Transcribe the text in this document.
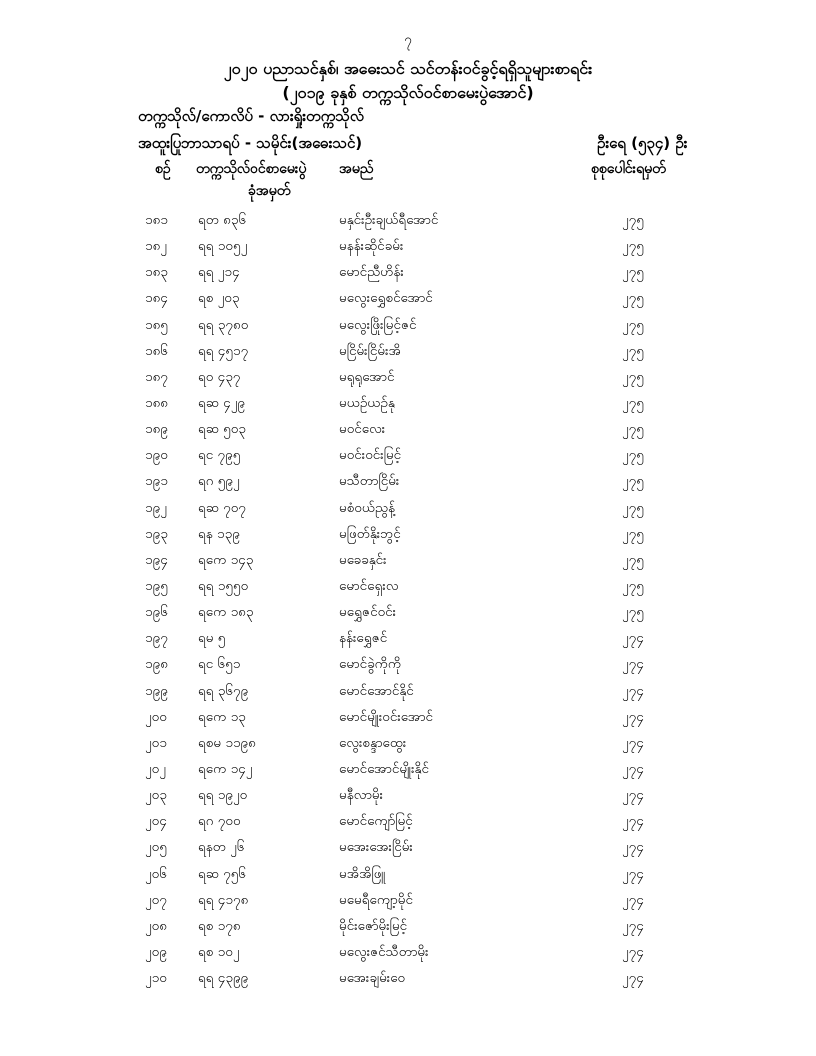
၇
၂၀၂၀ ပညာသင်နှစ်၊ အဓေးသင် သင်တန်းဝင်ခွင့်ရရှိသူများစာရင်း
(၂၀၁၉ ခုနှစ် တက္ကသိုလ်ဝင်စာမေးပွဲအောင်)
တက္ကသိုလ်/ကောလိပ် - လားရှိုးတက္ကသိုလ်
အထူးပြုဘာသာရပ် - သမိုင်း(အဓေးသင်)	ဦးရေ (၅၃၄) ဦး
စဉ် တက္ကသိုလ်ဝင်စာမေးပွဲ
ခုံအမှတ်
အမည်	စုစုပေါင်းရမှတ်
၁၈၁ ရတ ၈၃၆	မနှင်းဦးချယ်ရီအောင်	၂၇၅
၁၈၂ ရရ ၁၀၅၂	မနန်းဆိုင်ခမ်း	၂၇၅
၁၈၃ ရရ ၂၁၄	မောင်ညီဟိန်း	၂၇၅
၁၈၄ ရစ ၂၀၃	မလွေးရွှေစင်အောင်	၂၇၅
၁၈၅ ရရ ၃၇၈၀	မလွေးဖြိုးမြင့်ဇင်	၂၇၅
၁၈၆ ရရ ၄၅၁၇	မငြိမ်းငြိမ်းအိ	၂၇၅
၁၈၇ ရဝ ၄၃၇	မရုရုအောင်	၂၇၅
၁၈၈ ရဆ ၄၂၉	မယဉ်ယဉ်နု	၂၇၅
၁၈၉ ရဆ ၅၀၃	မဝင်လေး	၂၇၅
၁၉၀ ရင ၇၉၅	မဝင်းဝင်းမြင့်	၂၇၅
၁၉၁ ရဂ ၅၉၂	မသီတာငြိမ်း	၂၇၅
၁၉၂ ရဆ ၇၀၇	မစံဝယ်ညွန့်	၂၇၅
၁၉၃ ရန ၁၃၉	မဖြတ်နိုးဘွင့်	၂၇၅
၁၉၄ ရကေ ၁၄၃	မခေခနှင်း	၂၇၅
၁၉၅ ရရ ၁၅၅၀	မောင်ရှေးလ	၂၇၅
၁၉၆ ရကေ ၁၈၃	မရွှေဇင်ဝင်း	၂၇၅
၁၉၇ ရမ ၅	နန်းရွှေဇင်	၂၇၄
၁၉၈ ရင ၆၅၁	မောင်ခွဲကိုကို	၂၇၄
၁၉၉ ရရ ၃၆၇၉	မောင်အောင်နိုင်	၂၇၄
၂၀၀ ရကေ ၁၃	မောင်မျိုးဝင်းအောင်	၂၇၄
၂၀၁ ရစမ ၁၁၉၈	လွေးစန္ဒာထွေး	၂၇၄
၂၀၂ ရကေ ၁၄၂	မောင်အောင်မျိုးနိုင်	၂၇၄
၂၀၃ ရရ ၁၉၂၀	မနီလာမိုး	၂၇၄
၂၀၄ ရဂ ၇၀၀	မောင်ကျော်မြင့်	၂၇၄
၂၀၅ ရနတ ၂၆	မအေးအေးငြိမ်း	၂၇၄
၂၀၆ ရဆ ၇၅၆	မအိအိဖြူ	၂၇၄
၂၀၇ ရရ ၄၁၇၈	မမေရီကျော့မိုင်	၂၇၄
၂၀၈ ရစ ၁၇၈	မိုင်းဇော်မိုးမြင့်	၂၇၄
၂၀၉ ရစ ၁၀၂	မလွေးဇင်သီတာမိုး	၂၇၄
၂၁၀ ရရ ၄၃၉၉	မအေးချမ်းဝေ	၂၇၄
